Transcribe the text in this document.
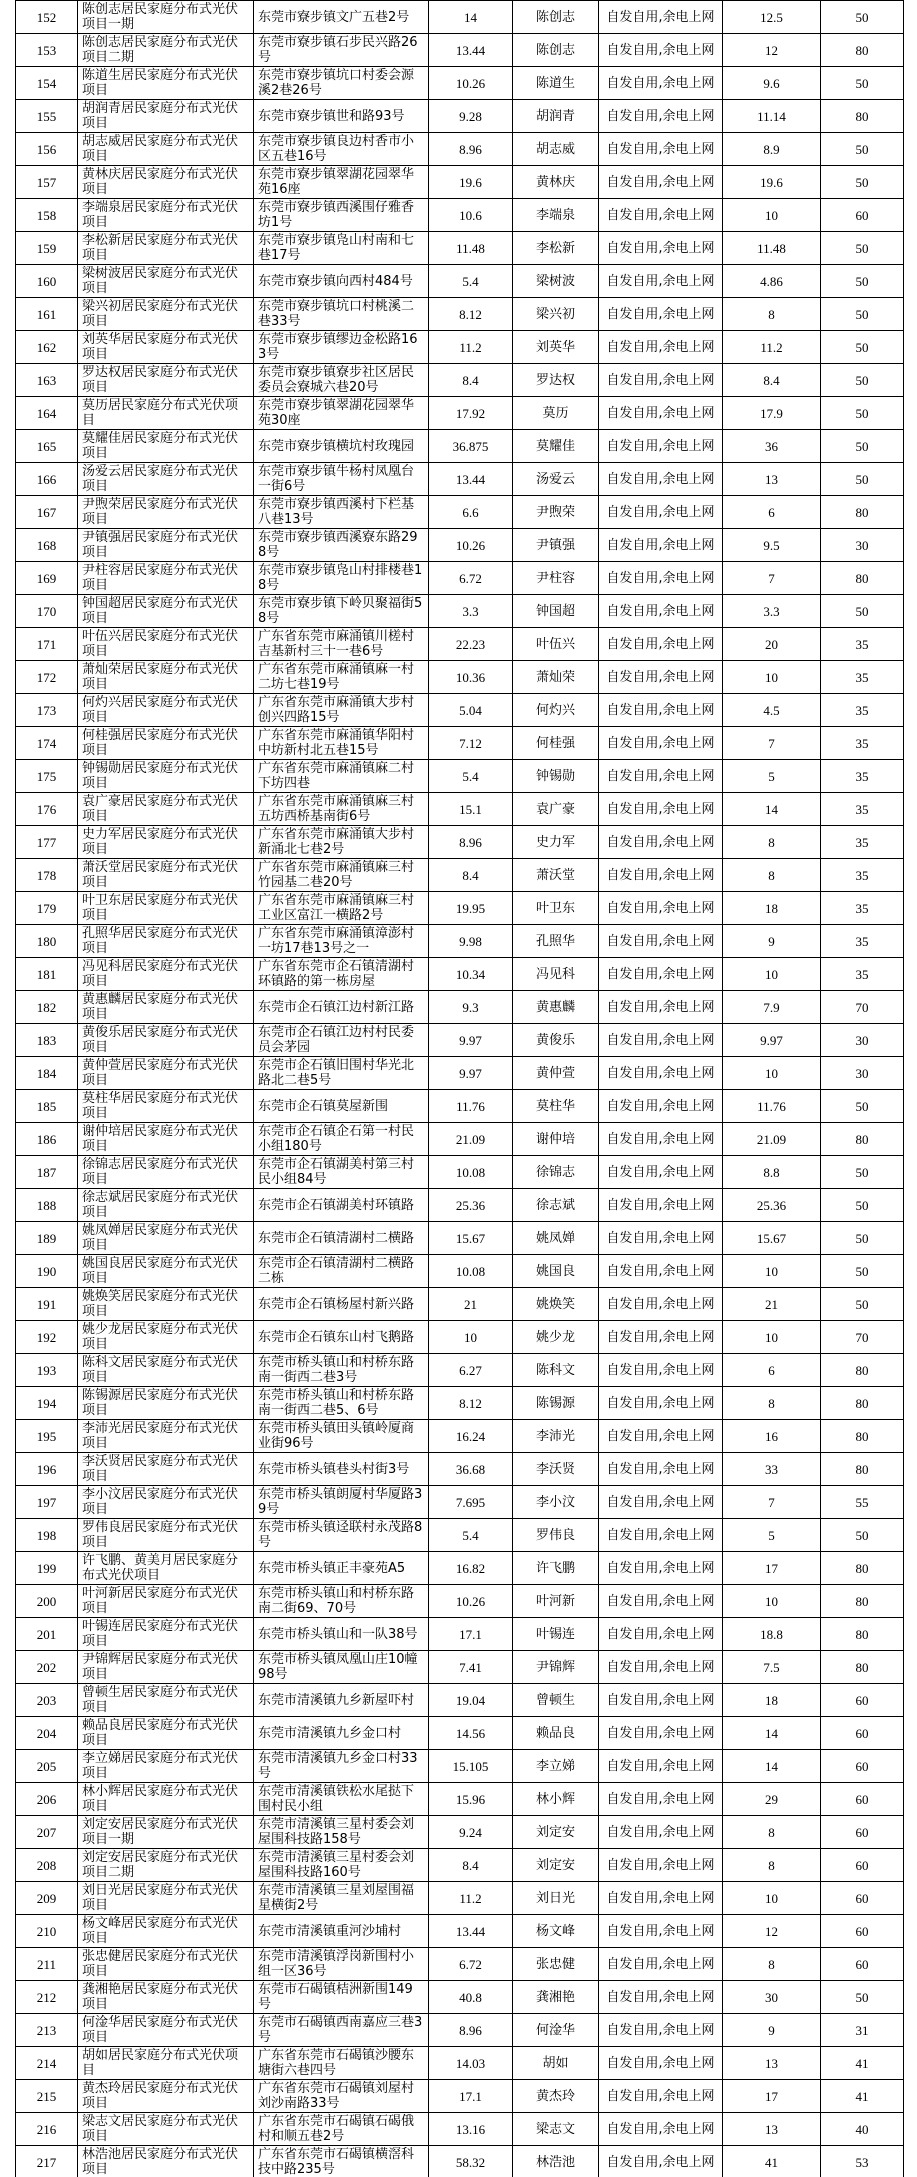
152	陈创志居民家庭分布式光伏项目一期	东莞市寮步镇文广五巷2号	14	陈创志	自发自用,余电上网	12.5	50
153	陈创志居民家庭分布式光伏项目二期	东莞市寮步镇石步民兴路26号	13.44	陈创志	自发自用,余电上网	12	80
154	陈道生居民家庭分布式光伏项目	东莞市寮步镇坑口村委会源溪2巷26号	10.26	陈道生	自发自用,余电上网	9.6	50
155	胡润青居民家庭分布式光伏项目	东莞市寮步镇世和路93号	9.28	胡润青	自发自用,余电上网	11.14	80
156	胡志威居民家庭分布式光伏项目	东莞市寮步镇良边村香市小区五巷16号	8.96	胡志威	自发自用,余电上网	8.9	50
157	黄林庆居民家庭分布式光伏项目	东莞市寮步镇翠湖花园翠华苑16座	19.6	黄林庆	自发自用,余电上网	19.6	50
158	李端泉居民家庭分布式光伏项目	东莞市寮步镇西溪围仔雅香坊1号	10.6	李端泉	自发自用,余电上网	10	60
159	李松新居民家庭分布式光伏项目	东莞市寮步镇凫山村南和七巷17号	11.48	李松新	自发自用,余电上网	11.48	50
160	梁树波居民家庭分布式光伏项目	东莞市寮步镇向西村484号	5.4	梁树波	自发自用,余电上网	4.86	50
161	梁兴初居民家庭分布式光伏项目	东莞市寮步镇坑口村桃溪二巷33号	8.12	梁兴初	自发自用,余电上网	8	50
162	刘英华居民家庭分布式光伏项目	东莞市寮步镇缪边金松路163号	11.2	刘英华	自发自用,余电上网	11.2	50
163	罗达权居民家庭分布式光伏项目	东莞市寮步镇寮步社区居民委员会寮城六巷20号	8.4	罗达权	自发自用,余电上网	8.4	50
164	莫历居民家庭分布式光伏项目	东莞市寮步镇翠湖花园翠华苑30座	17.92	莫历	自发自用,余电上网	17.9	50
165	莫耀佳居民家庭分布式光伏项目	东莞市寮步镇横坑村玫瑰园	36.875	莫耀佳	自发自用,余电上网	36	50
166	汤爱云居民家庭分布式光伏项目	东莞市寮步镇牛杨村凤凰台一街6号	13.44	汤爱云	自发自用,余电上网	13	50
167	尹煦荣居民家庭分布式光伏项目	东莞市寮步镇西溪村下栏基八巷13号	6.6	尹煦荣	自发自用,余电上网	6	80
168	尹镇强居民家庭分布式光伏项目	东莞市寮步镇西溪寮东路298号	10.26	尹镇强	自发自用,余电上网	9.5	30
169	尹柱容居民家庭分布式光伏项目	东莞市寮步镇凫山村排楼巷18号	6.72	尹柱容	自发自用,余电上网	7	80
170	钟国超居民家庭分布式光伏项目	东莞市寮步镇下岭贝聚福街58号	3.3	钟国超	自发自用,余电上网	3.3	50
171	叶伍兴居民家庭分布式光伏项目	广东省东莞市麻涌镇川槎村吉基新村三十一巷6号	22.23	叶伍兴	自发自用,余电上网	20	35
172	萧灿荣居民家庭分布式光伏项目	广东省东莞市麻涌镇麻一村二坊七巷19号	10.36	萧灿荣	自发自用,余电上网	10	35
173	何灼兴居民家庭分布式光伏项目	广东省东莞市麻涌镇大步村创兴四路15号	5.04	何灼兴	自发自用,余电上网	4.5	35
174	何桂强居民家庭分布式光伏项目	广东省东莞市麻涌镇华阳村中坊新村北五巷15号	7.12	何桂强	自发自用,余电上网	7	35
175	钟锡勋居民家庭分布式光伏项目	广东省东莞市麻涌镇麻二村下坊四巷	5.4	钟锡勋	自发自用,余电上网	5	35
176	袁广豪居民家庭分布式光伏项目	广东省东莞市麻涌镇麻三村五坊西桥基南街6号	15.1	袁广豪	自发自用,余电上网	14	35
177	史力军居民家庭分布式光伏项目	广东省东莞市麻涌镇大步村新涌北七巷2号	8.96	史力军	自发自用,余电上网	8	35
178	萧沃堂居民家庭分布式光伏项目	广东省东莞市麻涌镇麻三村竹园基二巷20号	8.4	萧沃堂	自发自用,余电上网	8	35
179	叶卫东居民家庭分布式光伏项目	广东省东莞市麻涌镇麻三村工业区富江一横路2号	19.95	叶卫东	自发自用,余电上网	18	35
180	孔照华居民家庭分布式光伏项目	广东省东莞市麻涌镇漳澎村一坊17巷13号之一	9.98	孔照华	自发自用,余电上网	9	35
181	冯见科居民家庭分布式光伏项目	广东省东莞市企石镇清湖村环镇路的第一栋房屋	10.34	冯见科	自发自用,余电上网	10	35
182	黄惠麟居民家庭分布式光伏项目	东莞市企石镇江边村新江路	9.3	黄惠麟	自发自用,余电上网	7.9	70
183	黄俊乐居民家庭分布式光伏项目	东莞市企石镇江边村村民委员会茅园	9.97	黄俊乐	自发自用,余电上网	9.97	30
184	黄仲萱居民家庭分布式光伏项目	东莞市企石镇旧围村华光北路北二巷5号	9.97	黄仲萱	自发自用,余电上网	10	30
185	莫柱华居民家庭分布式光伏项目	东莞市企石镇莫屋新围	11.76	莫柱华	自发自用,余电上网	11.76	50
186	谢仲培居民家庭分布式光伏项目	东莞市企石镇企石第一村民小组180号	21.09	谢仲培	自发自用,余电上网	21.09	80
187	徐锦志居民家庭分布式光伏项目	东莞市企石镇湖美村第三村民小组84号	10.08	徐锦志	自发自用,余电上网	8.8	50
188	徐志斌居民家庭分布式光伏项目	东莞市企石镇湖美村环镇路	25.36	徐志斌	自发自用,余电上网	25.36	50
189	姚凤婵居民家庭分布式光伏项目	东莞市企石镇清湖村二横路	15.67	姚凤婵	自发自用,余电上网	15.67	50
190	姚国良居民家庭分布式光伏项目	东莞市企石镇清湖村二横路二栋	10.08	姚国良	自发自用,余电上网	10	50
191	姚焕笑居民家庭分布式光伏项目	东莞市企石镇杨屋村新兴路	21	姚焕笑	自发自用,余电上网	21	50
192	姚少龙居民家庭分布式光伏项目	东莞市企石镇东山村飞鹅路	10	姚少龙	自发自用,余电上网	10	70
193	陈科文居民家庭分布式光伏项目	东莞市桥头镇山和村桥东路南一街西二巷3号	6.27	陈科文	自发自用,余电上网	6	80
194	陈锡源居民家庭分布式光伏项目	东莞市桥头镇山和村桥东路南一街西二巷5、6号	8.12	陈锡源	自发自用,余电上网	8	80
195	李沛光居民家庭分布式光伏项目	东莞市桥头镇田头镇岭厦商业街96号	16.24	李沛光	自发自用,余电上网	16	80
196	李沃贤居民家庭分布式光伏项目	东莞市桥头镇巷头村街3号	36.68	李沃贤	自发自用,余电上网	33	80
197	李小汶居民家庭分布式光伏项目	东莞市桥头镇朗厦村华厦路39号	7.695	李小汶	自发自用,余电上网	7	55
198	罗伟良居民家庭分布式光伏项目	东莞市桥头镇迳联村永茂路8号	5.4	罗伟良	自发自用,余电上网	5	50
199	许飞鹏、黄美月居民家庭分布式光伏项目	东莞市桥头镇正丰豪苑A5	16.82	许飞鹏	自发自用,余电上网	17	80
200	叶河新居民家庭分布式光伏项目	东莞市桥头镇山和村桥东路南二街69、70号	10.26	叶河新	自发自用,余电上网	10	80
201	叶锡连居民家庭分布式光伏项目	东莞市桥头镇山和一队38号	17.1	叶锡连	自发自用,余电上网	18.8	80
202	尹锦辉居民家庭分布式光伏项目	东莞市桥头镇凤凰山庄10幢98号	7.41	尹锦辉	自发自用,余电上网	7.5	80
203	曾顿生居民家庭分布式光伏项目	东莞市清溪镇九乡新屋吓村	19.04	曾顿生	自发自用,余电上网	18	60
204	赖品良居民家庭分布式光伏项目	东莞市清溪镇九乡金口村	14.56	赖品良	自发自用,余电上网	14	60
205	李立娣居民家庭分布式光伏项目	东莞市清溪镇九乡金口村33号	15.105	李立娣	自发自用,余电上网	14	60
206	林小辉居民家庭分布式光伏项目	东莞市清溪镇铁松水尾挞下围村民小组	15.96	林小辉	自发自用,余电上网	29	60
207	刘定安居民家庭分布式光伏项目一期	东莞市清溪镇三星村委会刘屋围科技路158号	9.24	刘定安	自发自用,余电上网	8	60
208	刘定安居民家庭分布式光伏项目二期	东莞市清溪镇三星村委会刘屋围科技路160号	8.4	刘定安	自发自用,余电上网	8	60
209	刘日光居民家庭分布式光伏项目	东莞市清溪镇三星刘屋围福星横街2号	11.2	刘日光	自发自用,余电上网	10	60
210	杨文峰居民家庭分布式光伏项目	东莞市清溪镇重河沙埔村	13.44	杨文峰	自发自用,余电上网	12	60
211	张忠健居民家庭分布式光伏项目	东莞市清溪镇浮岗新围村小组一区36号	6.72	张忠健	自发自用,余电上网	8	60
212	龚湘艳居民家庭分布式光伏项目	东莞市石碣镇桔洲新围149号	40.8	龚湘艳	自发自用,余电上网	30	50
213	何淦华居民家庭分布式光伏项目	东莞市石碣镇西南嘉应三巷3号	8.96	何淦华	自发自用,余电上网	9	31
214	胡如居民家庭分布式光伏项目	广东省东莞市石碣镇沙腰东塘街六巷四号	14.03	胡如	自发自用,余电上网	13	41
215	黄杰玲居民家庭分布式光伏项目	广东省东莞市石碣镇刘屋村刘沙南路33号	17.1	黄杰玲	自发自用,余电上网	17	41
216	梁志文居民家庭分布式光伏项目	广东省东莞市石碣镇石碣俄村和顺五巷2号	13.16	梁志文	自发自用,余电上网	13	40
217	林浩池居民家庭分布式光伏项目	广东省东莞市石碣镇横滘科技中路235号	58.32	林浩池	自发自用,余电上网	41	53
